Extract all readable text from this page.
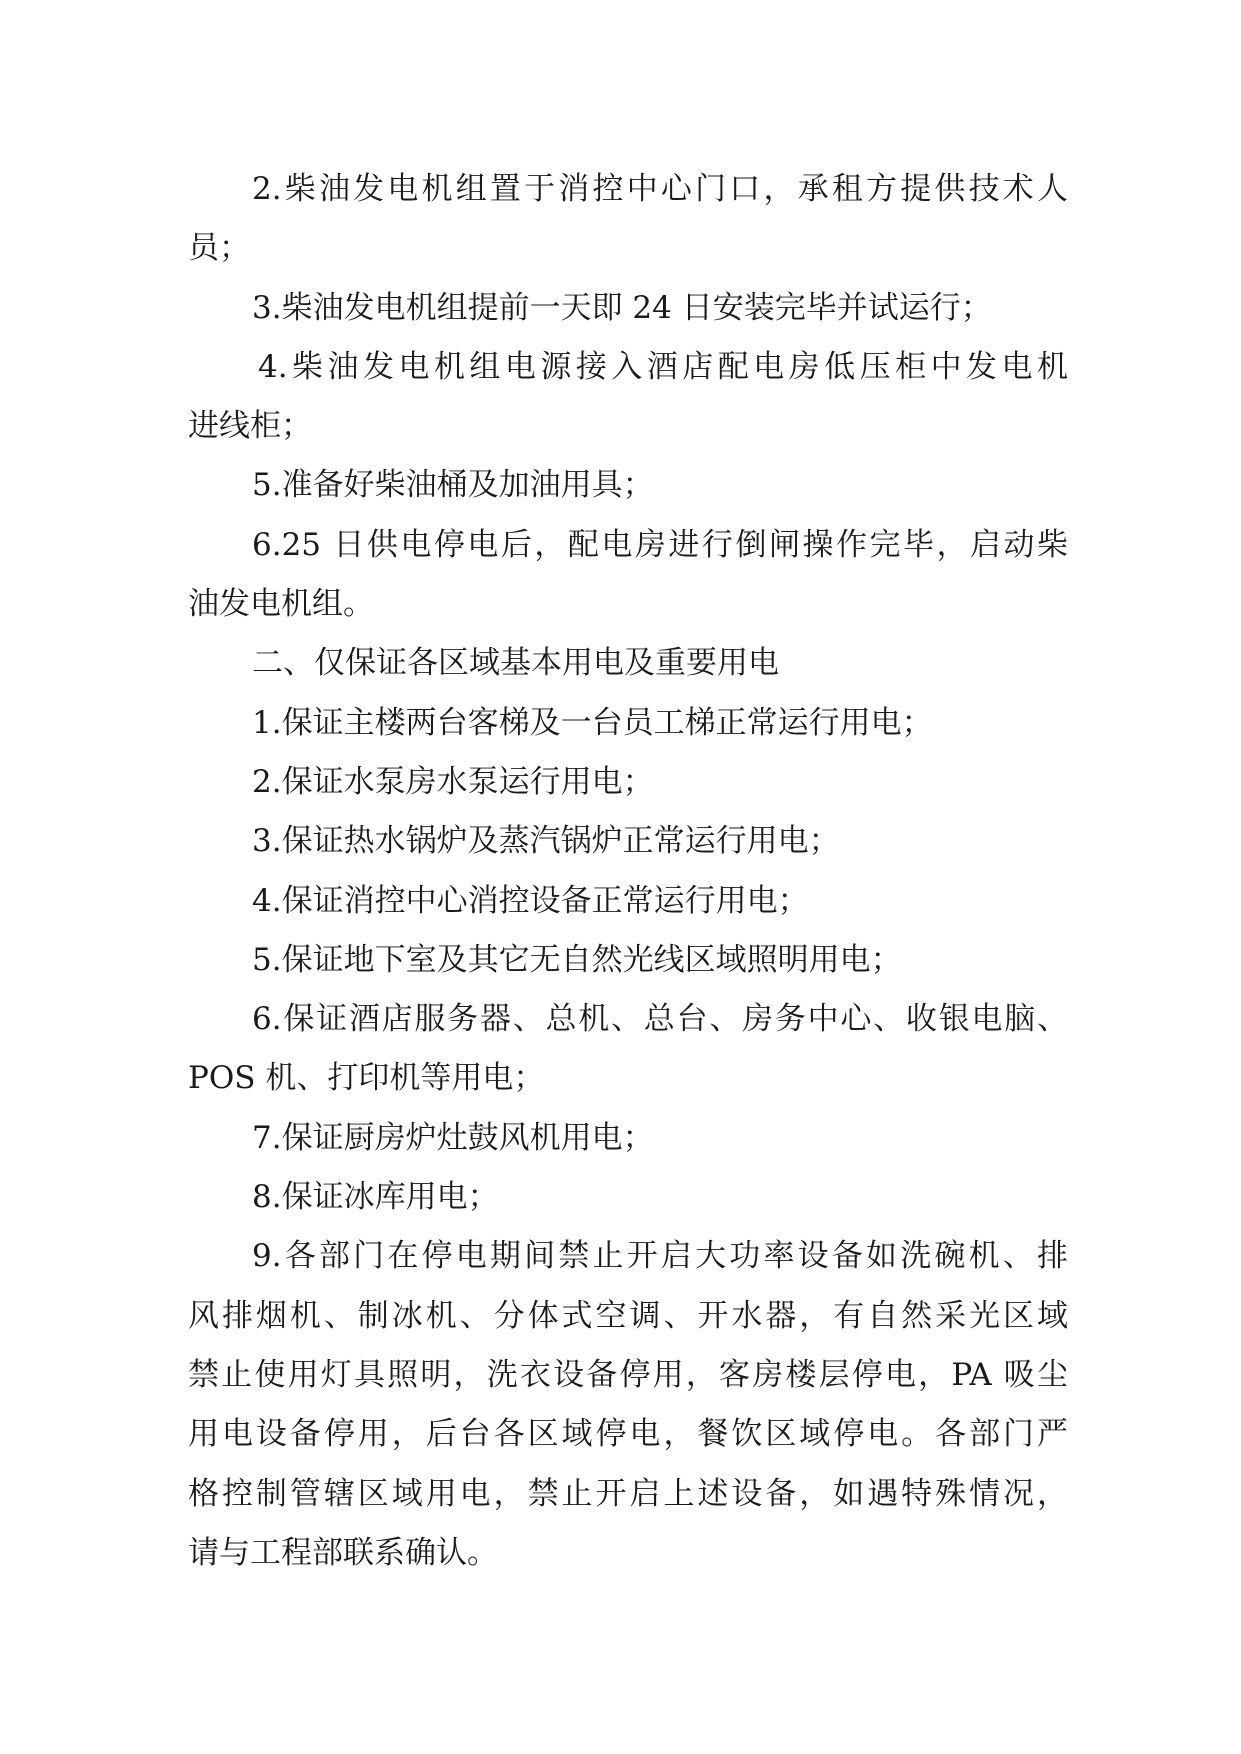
2.柴油发电机组置于消控中心门口，承租方提供技术人
员；
3.柴油发电机组提前一天即 24 日安装完毕并试运行；
4.柴油发电机组电源接入酒店配电房低压柜中发电机
进线柜；
5.准备好柴油桶及加油用具；
6.25 日供电停电后，配电房进行倒闸操作完毕，启动柴
油发电机组。
二、仅保证各区域基本用电及重要用电
1.保证主楼两台客梯及一台员工梯正常运行用电；
2.保证水泵房水泵运行用电；
3.保证热水锅炉及蒸汽锅炉正常运行用电；
4.保证消控中心消控设备正常运行用电；
5.保证地下室及其它无自然光线区域照明用电；
6.保证酒店服务器、总机、总台、房务中心、收银电脑、
POS 机、打印机等用电；
7.保证厨房炉灶鼓风机用电；
8.保证冰库用电；
9.各部门在停电期间禁止开启大功率设备如洗碗机、排
风排烟机、制冰机、分体式空调、开水器，有自然采光区域
禁止使用灯具照明，洗衣设备停用，客房楼层停电，PA 吸尘
用电设备停用，后台各区域停电，餐饮区域停电。各部门严
格控制管辖区域用电，禁止开启上述设备，如遇特殊情况，
请与工程部联系确认。
